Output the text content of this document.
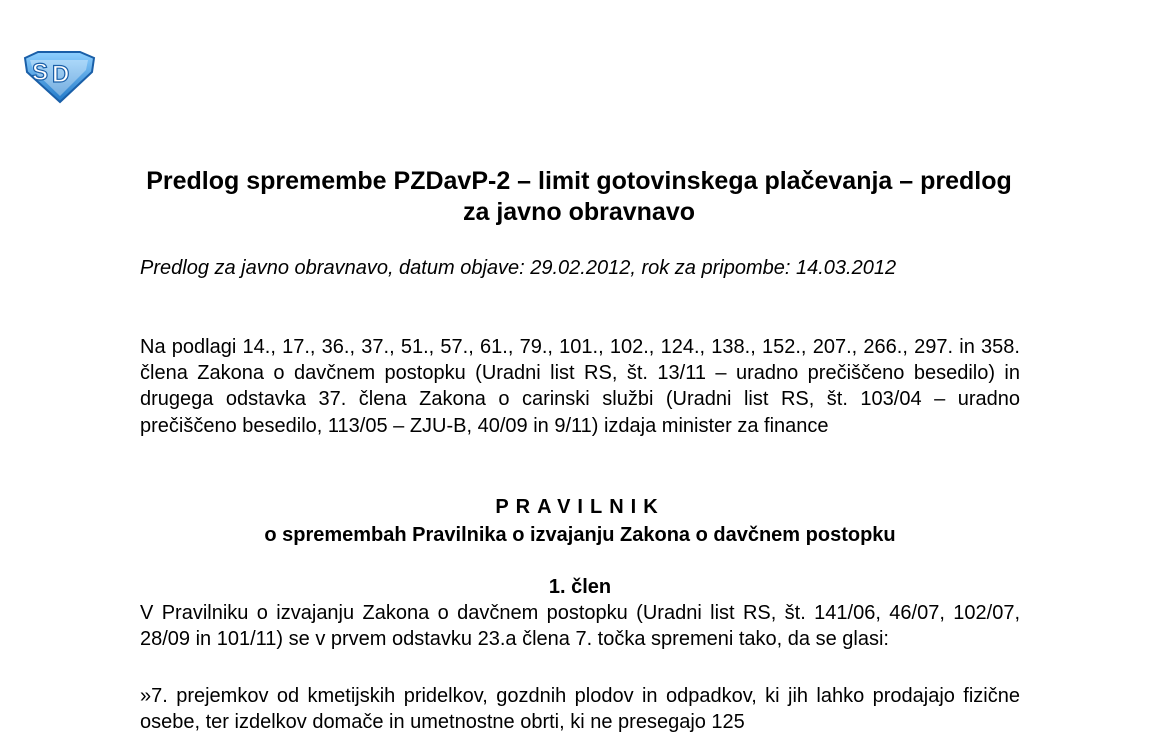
S D
Predlog spremembe PZDavP-2 – limit gotovinskega plačevanja – predlog za javno obravnavo

Predlog za javno obravnavo, datum objave: 29.02.2012, rok za pripombe: 14.03.2012

Na podlagi 14., 17., 36., 37., 51., 57., 61., 79., 101., 102., 124., 138., 152., 207., 266., 297. in 358. člena Zakona o davčnem postopku (Uradni list RS, št. 13/11 – uradno prečiščeno besedilo) in drugega odstavka 37. člena Zakona o carinski službi (Uradni list RS, št. 103/04 – uradno prečiščeno besedilo, 113/05 – ZJU-B, 40/09 in 9/11) izdaja minister za finance

PRAVILNIK

o spremembah Pravilnika o izvajanju Zakona o davčnem postopku

1. člen

V Pravilniku o izvajanju Zakona o davčnem postopku (Uradni list RS, št. 141/06, 46/07, 102/07, 28/09 in 101/11) se v prvem odstavku 23.a člena 7. točka spremeni tako, da se glasi:

»7. prejemkov od kmetijskih pridelkov, gozdnih plodov in odpadkov, ki jih lahko prodajajo fizične osebe, ter izdelkov domače in umetnostne obrti, ki ne presegajo 125
